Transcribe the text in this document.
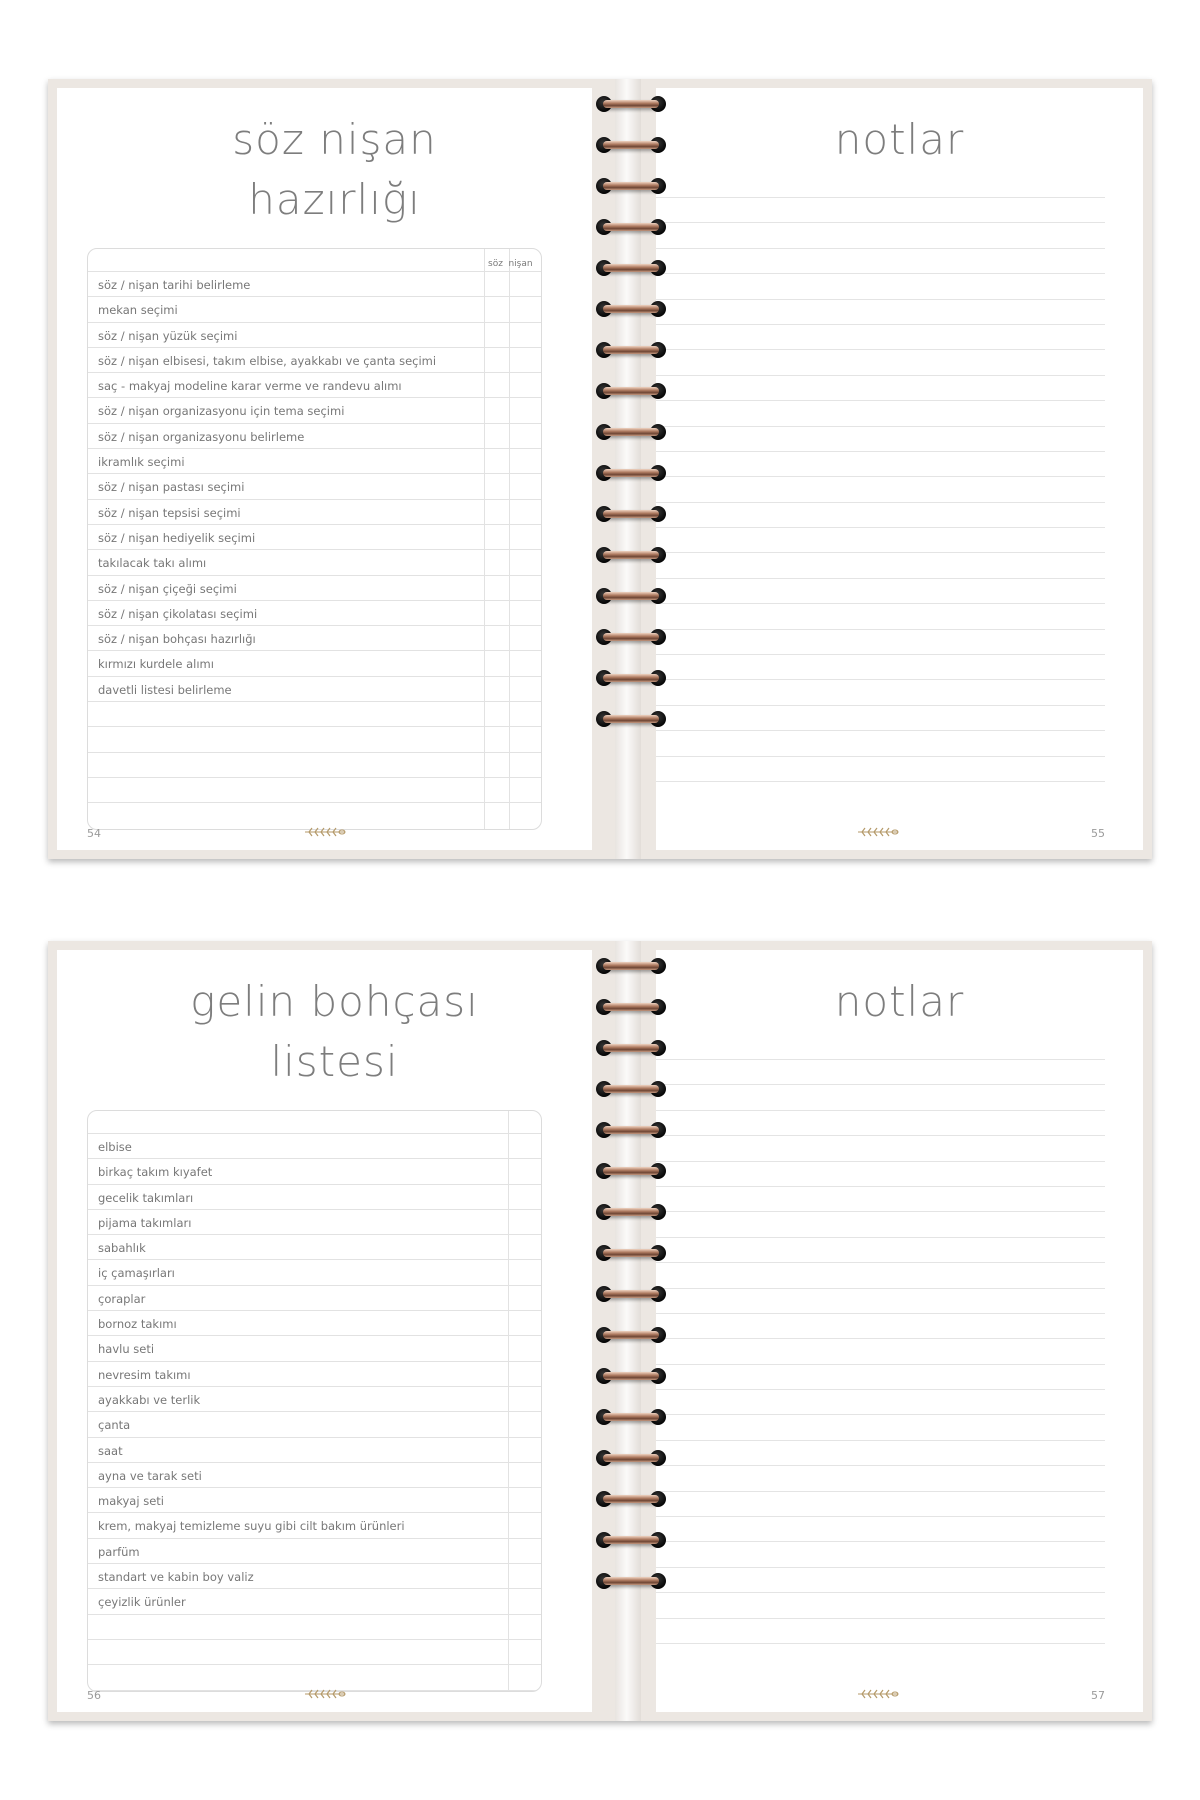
söz nişan
hazırlığı
söz nişan
söz / nişan tarihi belirleme
mekan seçimi
söz / nişan yüzük seçimi
söz / nişan elbisesi, takım elbise, ayakkabı ve çanta seçimi
saç - makyaj modeline karar verme ve randevu alımı
söz / nişan organizasyonu için tema seçimi
söz / nişan organizasyonu belirleme
ikramlık seçimi
söz / nişan pastası seçimi
söz / nişan tepsisi seçimi
söz / nişan hediyelik seçimi
takılacak takı alımı
söz / nişan çiçeği seçimi
söz / nişan çikolatası seçimi
söz / nişan bohçası hazırlığı
kırmızı kurdele alımı
davetli listesi belirleme
54
notlar
55
gelin bohçası
listesi
elbise
birkaç takım kıyafet
gecelik takımları
pijama takımları
sabahlık
iç çamaşırları
çoraplar
bornoz takımı
havlu seti
nevresim takımı
ayakkabı ve terlik
çanta
saat
ayna ve tarak seti
makyaj seti
krem, makyaj temizleme suyu gibi cilt bakım ürünleri
parfüm
standart ve kabin boy valiz
çeyizlik ürünler
56
notlar
57
